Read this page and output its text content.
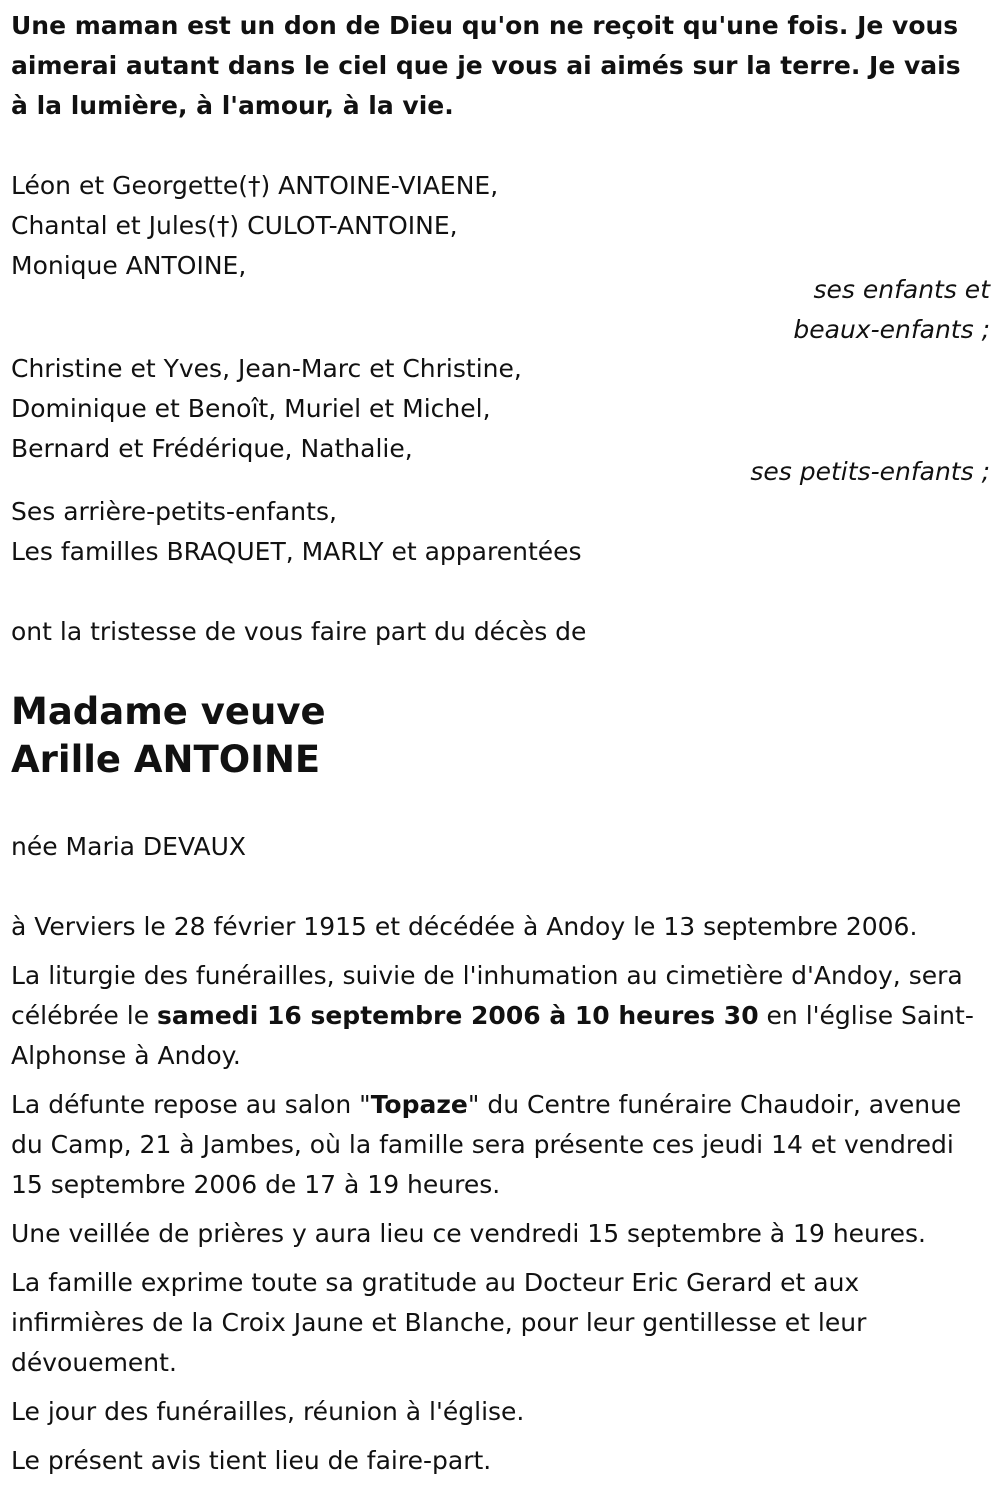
Une maman est un don de Dieu qu'on ne reçoit qu'une fois. Je vous aimerai autant dans le ciel que je vous ai aimés sur la terre. Je vais à la lumière, à l'amour, à la vie.

Léon et Georgette(†) ANTOINE-VIAENE,
Chantal et Jules(†) CULOT-ANTOINE,
Monique ANTOINE,
ses enfants et
beaux-enfants ;
Christine et Yves, Jean-Marc et Christine,
Dominique et Benoît, Muriel et Michel,
Bernard et Frédérique, Nathalie,
ses petits-enfants ;
Ses arrière-petits-enfants,
Les familles BRAQUET, MARLY et apparentées

ont la tristesse de vous faire part du décès de

Madame veuve
Arille ANTOINE

née Maria DEVAUX

à Verviers le 28 février 1915 et décédée à Andoy le 13 septembre 2006.

La liturgie des funérailles, suivie de l'inhumation au cimetière d'Andoy, sera célébrée le samedi 16 septembre 2006 à 10 heures 30 en l'église Saint-Alphonse à Andoy.

La défunte repose au salon "Topaze" du Centre funéraire Chaudoir, avenue du Camp, 21 à Jambes, où la famille sera présente ces jeudi 14 et vendredi 15 septembre 2006 de 17 à 19 heures.

Une veillée de prières y aura lieu ce vendredi 15 septembre à 19 heures.

La famille exprime toute sa gratitude au Docteur Eric Gerard et aux infirmières de la Croix Jaune et Blanche, pour leur gentillesse et leur dévouement.

Le jour des funérailles, réunion à l'église.

Le présent avis tient lieu de faire-part.
